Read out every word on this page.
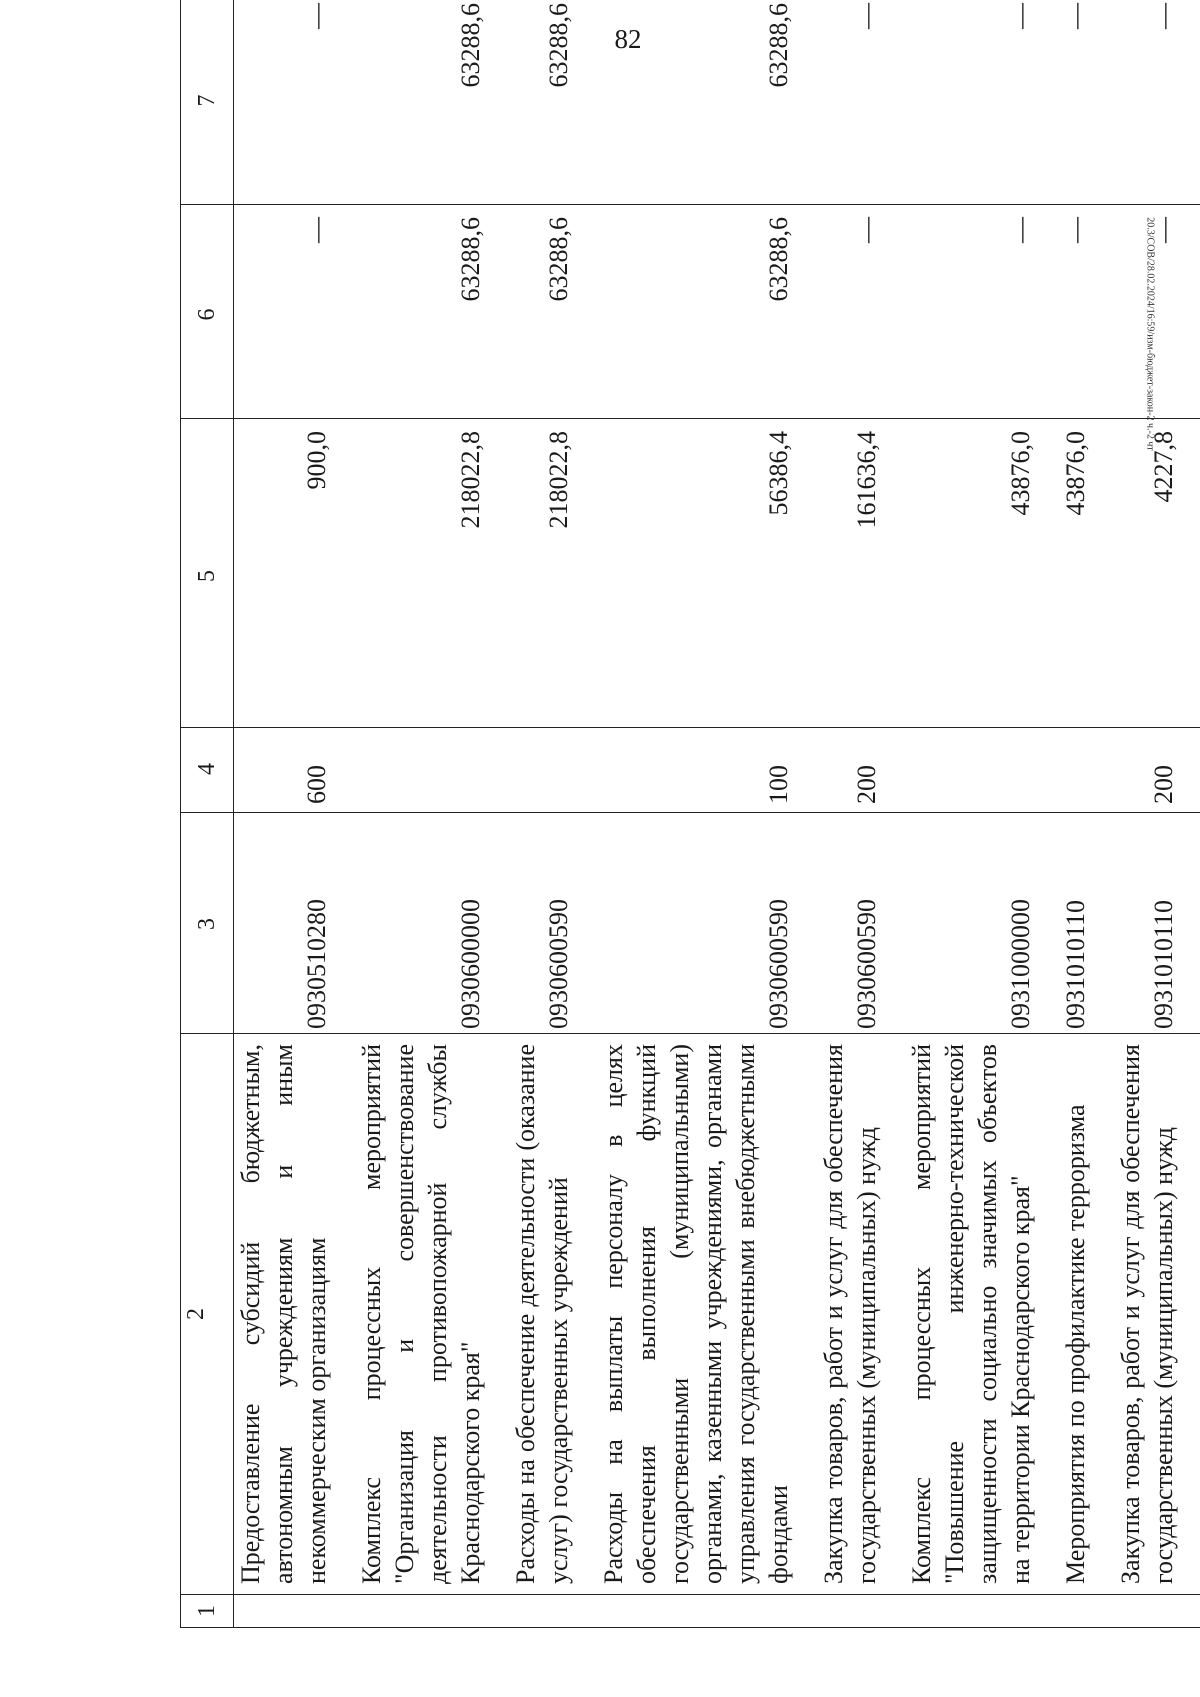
82
20.3/СОВ/28.02.2024/16:59/изм-бюджет-закон-2 ч.-2 чт
1	2	3	4	5	6	7
	Предоставление субсидий бюджетным, автономным учреждениям и иным некоммерческим организациям	0930510280	600	900,0	—	—
	Комплекс процессных мероприятий "Организация и совершенствование деятельности противопожарной службы Краснодарского края"	0930600000		218022,8	63288,6	63288,6
	Расходы на обеспечение деятельности (оказание услуг) государственных учреждений	0930600590		218022,8	63288,6	63288,6
	Расходы на выплаты персоналу в целях обеспечения выполнения функций государственными (муниципальными) органами, казенными учреждениями, органами управления государственными внебюджетными фондами	0930600590	100	56386,4	63288,6	63288,6
	Закупка товаров, работ и услуг для обеспечения государственных (муниципальных) нужд	0930600590	200	161636,4	—	—
	Комплекс процессных мероприятий "Повышение инженерно-технической защищенности социально значимых объектов на территории Краснодарского края"	0931000000		43876,0	—	—
	Мероприятия по профилактике терроризма	0931010110		43876,0	—	—
	Закупка товаров, работ и услуг для обеспечения государственных (муниципальных) нужд	0931010110	200	4227,8	—	—
